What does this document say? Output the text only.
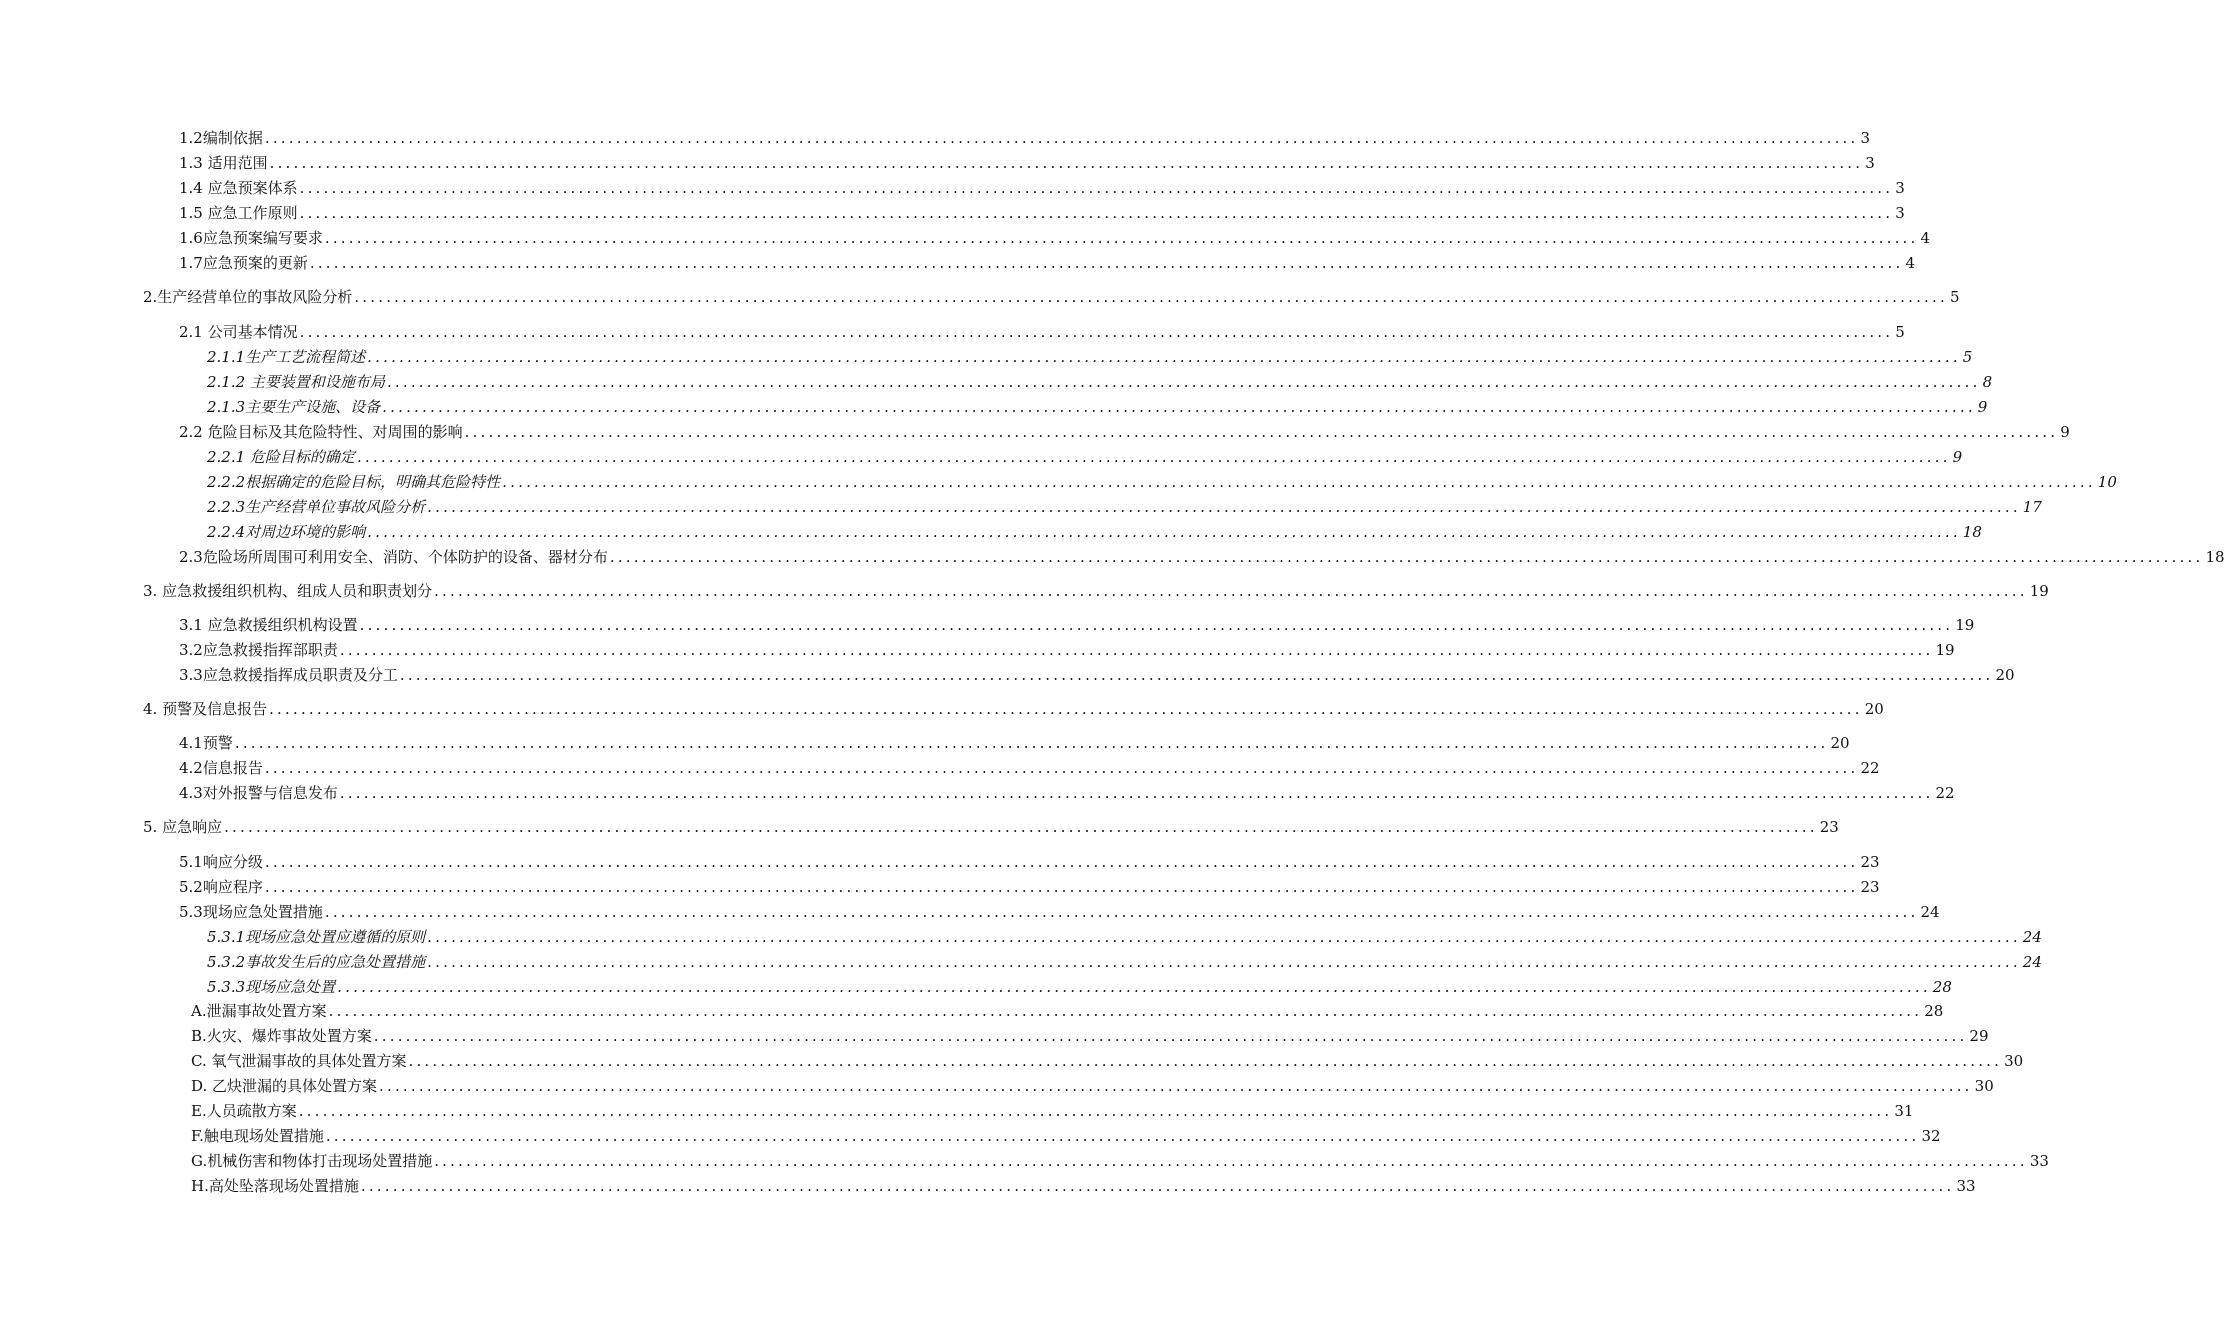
1.2编制依据 ........................................................................................................................................................................................................ 3
1.3 适用范围 ........................................................................................................................................................................................................ 3
1.4 应急预案体系 ........................................................................................................................................................................................................ 3
1.5 应急工作原则 ........................................................................................................................................................................................................ 3
1.6应急预案编写要求 ........................................................................................................................................................................................................ 4
1.7应急预案的更新 ........................................................................................................................................................................................................ 4
2.生产经营单位的事故风险分析 ........................................................................................................................................................................................................ 5
2.1 公司基本情况 ........................................................................................................................................................................................................ 5
2.1.1生产工艺流程简述 ........................................................................................................................................................................................................ 5
2.1.2 主要装置和设施布局 ........................................................................................................................................................................................................ 8
2.1.3主要生产设施、设备 ........................................................................................................................................................................................................ 9
2.2 危险目标及其危险特性、对周围的影响 ........................................................................................................................................................................................................ 9
2.2.1 危险目标的确定 ........................................................................................................................................................................................................ 9
2.2.2根据确定的危险目标，明确其危险特性 ........................................................................................................................................................................................................ 10
2.2.3生产经营单位事故风险分析 ........................................................................................................................................................................................................ 17
2.2.4对周边环境的影响 ........................................................................................................................................................................................................ 18
2.3危险场所周围可利用安全、消防、个体防护的设备、器材分布 ........................................................................................................................................................................................................ 18
3. 应急救援组织机构、组成人员和职责划分 ........................................................................................................................................................................................................ 19
3.1 应急救援组织机构设置 ........................................................................................................................................................................................................ 19
3.2应急救援指挥部职责 ........................................................................................................................................................................................................ 19
3.3应急救援指挥成员职责及分工 ........................................................................................................................................................................................................ 20
4. 预警及信息报告 ........................................................................................................................................................................................................ 20
4.1预警 ........................................................................................................................................................................................................ 20
4.2信息报告 ........................................................................................................................................................................................................ 22
4.3对外报警与信息发布 ........................................................................................................................................................................................................ 22
5. 应急响应 ........................................................................................................................................................................................................ 23
5.1响应分级 ........................................................................................................................................................................................................ 23
5.2响应程序 ........................................................................................................................................................................................................ 23
5.3现场应急处置措施 ........................................................................................................................................................................................................ 24
5.3.1现场应急处置应遵循的原则 ........................................................................................................................................................................................................ 24
5.3.2事故发生后的应急处置措施 ........................................................................................................................................................................................................ 24
5.3.3现场应急处置 ........................................................................................................................................................................................................ 28
A.泄漏事故处置方案 ........................................................................................................................................................................................................ 28
B.火灾、爆炸事故处置方案 ........................................................................................................................................................................................................ 29
C. 氧气泄漏事故的具体处置方案 ........................................................................................................................................................................................................ 30
D. 乙炔泄漏的具体处置方案 ........................................................................................................................................................................................................ 30
E.人员疏散方案 ........................................................................................................................................................................................................ 31
F.触电现场处置措施 ........................................................................................................................................................................................................ 32
G.机械伤害和物体打击现场处置措施 ........................................................................................................................................................................................................ 33
H.高处坠落现场处置措施 ........................................................................................................................................................................................................ 33
